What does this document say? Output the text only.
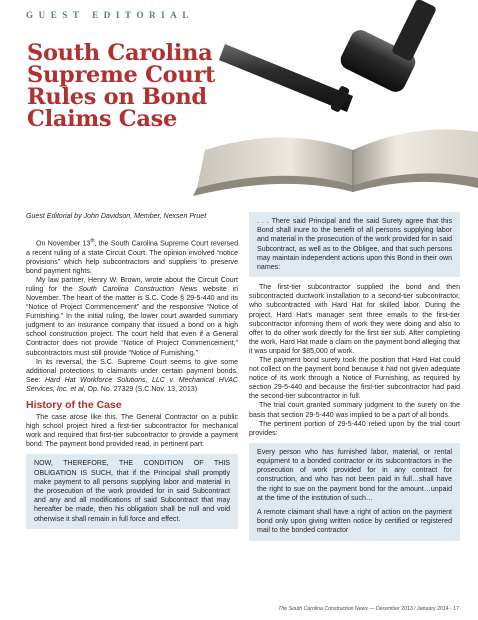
GUEST EDITORIAL
South Carolina
Supreme Court
Rules on Bond
Claims Case

Guest Editorial by John Davidson, Member, Nexsen Pruet

On November 13th, the South Carolina Supreme Court reversed a recent ruling of a state Circuit Court. The opinion involved “notice provisions” which help subcontractors and suppliers to preserve bond payment rights.

My law partner, Henry W. Brown, wrote about the Circuit Court ruling for the South Carolina Construction News website in November. The heart of the matter is S.C. Code § 29-5-440 and its “Notice of Project Commencement” and the responsive “Notice of Furnishing.” In the initial ruling, the lower court awarded summary judgment to an insurance company that issued a bond on a high school construction project. The court held that even if a General Contractor does not provide “Notice of Project Commencement,” subcontractors must still provide “Notice of Furnishing.”

In its reversal, the S.C. Supreme Court seems to give some additional protections to claimants under certain payment bonds. See: Hard Hat Workforce Solutions, LLC v. Mechanical HVAC Services, Inc. et al, Op. No. 27329 (S.C.Nov. 13, 2013)

History of the Case

The case arose like this. The General Contractor on a public high school project hired a first-tier subcontractor for mechanical work and required that first-tier subcontractor to provide a payment bond. The payment bond provided read, in pertinent part:

NOW, THEREFORE, THE CONDITION OF THIS OBLIGATION IS SUCH, that if the Principal shall promptly make payment to all persons supplying labor and material in the prosecution of the work provided for in said Subcontract and any and all modifications of said Subcontract that may hereafter be made, then his obligation shall be null and void otherwise it shall remain in full force and effect.
. . . There said Principal and the said Surety agree that this Bond shall inure to the benefit of all persons supplying labor and material in the prosecution of the work provided for in said Subcontract, as well as to the Obligee, and that such persons may maintain independent actions upon this Bond in their own names:

The first-tier subcontractor supplied the bond and then subcontracted ductwork installation to a second-tier subcontractor, who subcontracted with Hard Hat for skilled labor. During the project, Hard Hat’s manager sent three emails to the first-tier subcontractor informing them of work they were doing and also to offer to do other work directly for the first tier sub. After completing the work, Hard Hat made a claim on the payment bond alleging that it was unpaid for $85,000 of work.

The payment bond surety took the position that Hard Hat could not collect on the payment bond because it had not given adequate notice of its work through a Notice of Furnishing, as required by section 29-5-440 and because the first-tier subcontractor had paid the second-tier subcontractor in full.

The trial court granted summary judgment to the surety on the basis that section 29-5-440 was implied to be a part of all bonds.

The pertinent portion of 29-5-440 relied upon by the trial court provides:

Every person who has furnished labor, material, or rental equipment to a bonded contractor or its subcontractors in the prosecution of work provided for in any contract for construction, and who has not been paid in full…shall have the right to sue on the payment bond for the amount…unpaid at the time of the institution of such…

A remote claimant shall have a right of action on the payment bond only upon giving written notice by certified or registered mail to the bonded contractor

The South Carolina Construction News — December 2013 / January 2014 · 17
